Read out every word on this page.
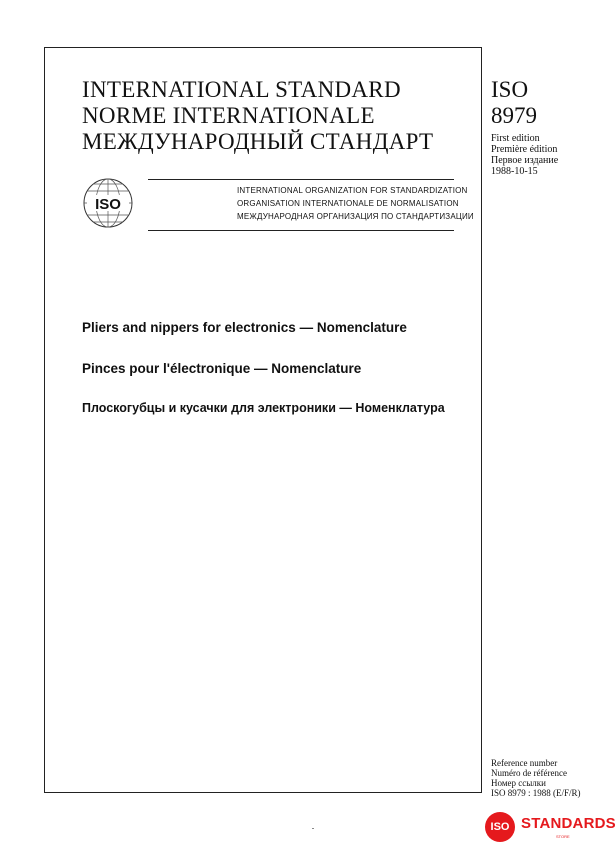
INTERNATIONAL STANDARD
NORME INTERNATIONALE
МЕЖДУНАРОДНЫЙ СТАНДАРТ
ISO
8979
First edition
Première édition
Первое издание
1988-10-15
ISO
INTERNATIONAL ORGANIZATION FOR STANDARDIZATION
ORGANISATION INTERNATIONALE DE NORMALISATION
МЕЖДУНАРОДНАЯ ОРГАНИЗАЦИЯ ПО СТАНДАРТИЗАЦИИ
Pliers and nippers for electronics — Nomenclature
Pinces pour l'électronique — Nomenclature
Плоскогубцы и кусачки для электроники — Номенклатура
Reference number
Numéro de référence
Номер ссылки
ISO 8979 : 1988 (E/F/R)
ISO STANDARDS
STORE
